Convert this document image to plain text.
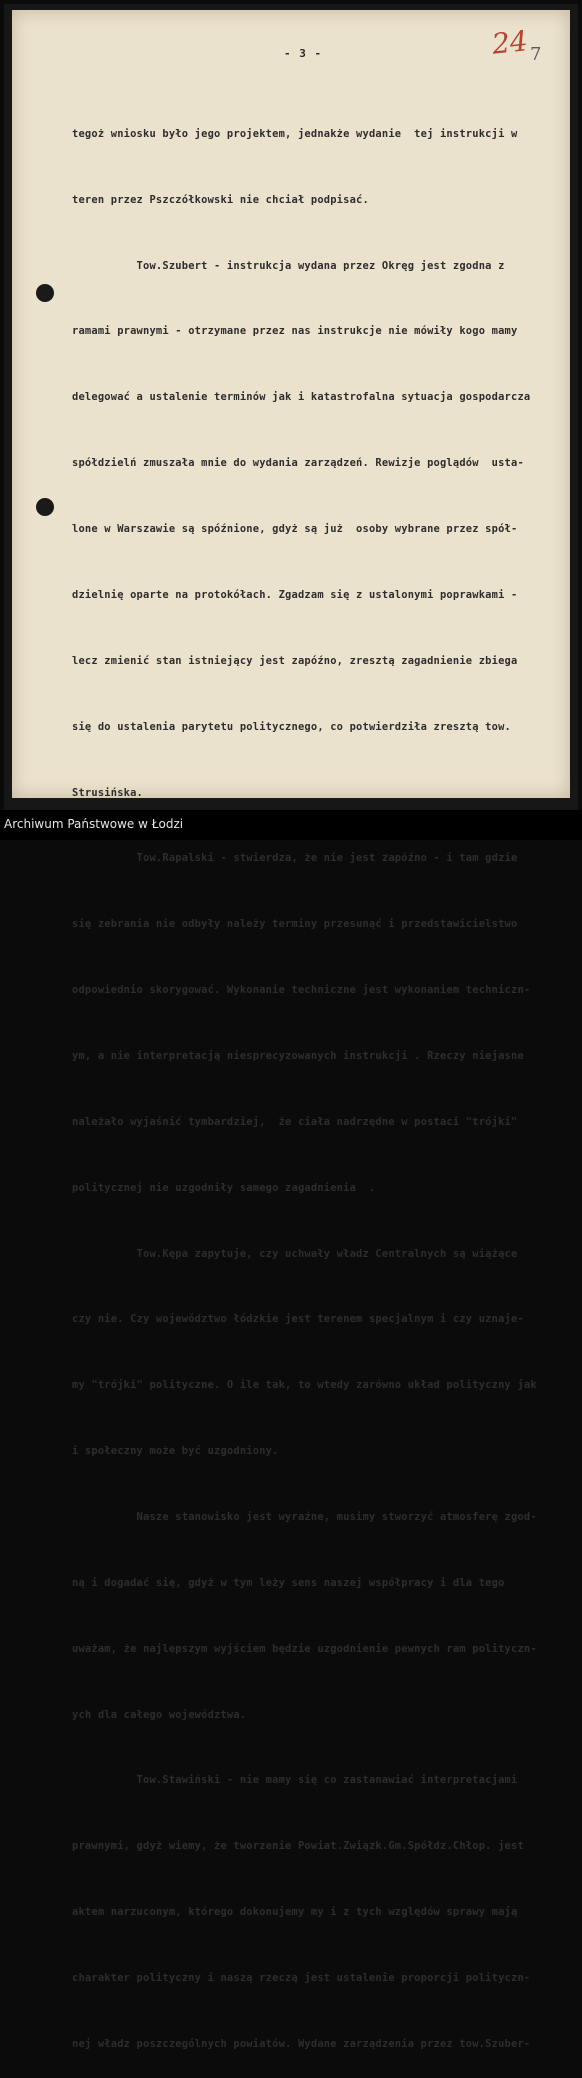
- 3 -	24 7

tegoż wniosku było jego projektem, jednakże wydanie  tej instrukcji w

teren przez Pszczółkowski nie chciał podpisać.

Tow.Szubert - instrukcja wydana przez Okręg jest zgodna z

ramami prawnymi - otrzymane przez nas instrukcje nie mówiły kogo mamy

delegować a ustalenie terminów jak i katastrofalna sytuacja gospodarcza

spółdzielń zmuszała mnie do wydania zarządzeń. Rewizje poglądów  usta-

lone w Warszawie są spóźnione, gdyż są już  osoby wybrane przez spół-

dzielnię oparte na protokółach. Zgadzam się z ustalonymi poprawkami -

lecz zmienić stan istniejący jest zapóźno, zresztą zagadnienie zbiega

się do ustalenia parytetu politycznego, co potwierdziła zresztą tow.

Strusińska.

Tow.Rapalski - stwierdza, że nie jest zapóźno - i tam gdzie

się zebrania nie odbyły należy terminy przesunąć i przedstawicielstwo

odpowiednio skorygować. Wykonanie techniczne jest wykonaniem techniczn-

ym, a nie interpretacją niesprecyzowanych instrukcji . Rzeczy niejasne

należało wyjaśnić tymbardziej,  że ciała nadrzędne w postaci "trójki"

politycznej nie uzgodniły samego zagadnienia  .

Tow.Kępa zapytuje, czy uchwały władz Centralnych są wiążące

czy nie. Czy województwo łódzkie jest terenem specjalnym i czy uznaje-

my "trójki" polityczne. O ile tak, to wtedy zarówno układ polityczny jak

i społeczny może być uzgodniony.

Nasze stanowisko jest wyraźne, musimy stworzyć atmosferę zgod-

ną i dogadać się, gdyż w tym leży sens naszej współpracy i dla tego

uważam, że najlepszym wyjściem będzie uzgodnienie pewnych ram polityczn-

ych dla całego województwa.

Tow.Stawiński - nie mamy się co zastanawiać interpretacjami

prawnymi, gdyż wiemy, że tworzenie Powiat.Związk.Gm.Spółdz.Chłop. jest

aktem narzuconym, którego dokonujemy my i z tych względów sprawy mają

charakter polityczny i naszą rzeczą jest ustalenie proporcji polityczn-

nej władz poszczególnych powiatów. Wydane zarządzenia przez tow.Szuber-

Archiwum Państwowe w Łodzi
